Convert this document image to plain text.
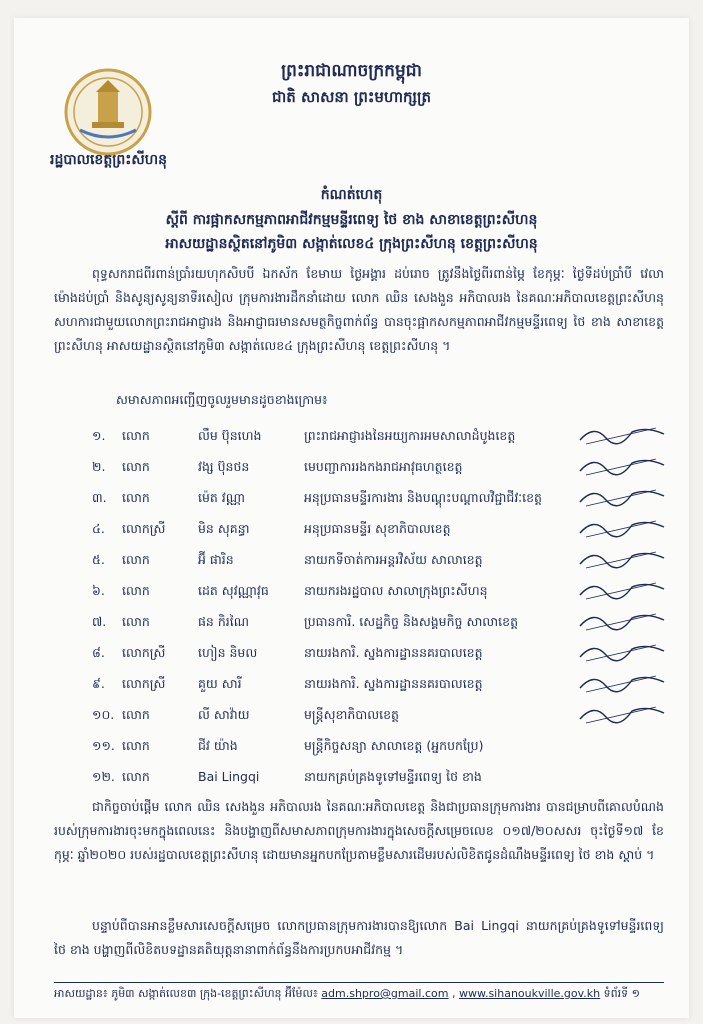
ព្រះរាជាណាចក្រកម្ពុជា
ជាតិ សាសនា ព្រះមហាក្សត្រ
រដ្ឋបាលខេត្តព្រះសីហនុ
កំណត់ហេតុ
ស្តីពី ការផ្អាកសកម្មភាពអាជីវកម្មមន្ទីរពេទ្យ ថៃ ខាង សាខាខេត្តព្រះសីហនុ
អាសយដ្ឋានស្ថិតនៅភូមិ៣ សង្កាត់លេខ៤ ក្រុងព្រះសីហនុ ខេត្តព្រះសីហនុ
ពុទ្ធសករាជពីរពាន់ប្រាំរយហុកសិបបី ឯកស័ក ខែមាឃ ថ្ងៃអង្គារ ដប់រោច ត្រូវនឹងថ្ងៃពីរពាន់ម្ភៃ ខែកុម្ភៈ ថ្ងៃទីដប់ប្រាំបី វេលាម៉ោងដប់ប្រាំ និងសូន្យសូន្យនាទីរសៀល ក្រុមការងារដឹកនាំដោយ លោក ឈិន សេងងួន អភិបាលរង នៃគណៈអភិបាលខេត្តព្រះសីហនុ សហការជាមួយលោកព្រះរាជអាជ្ញារង និងអាជ្ញាធរមានសមត្ថកិច្ចពាក់ព័ន្ធ បានចុះផ្អាកសកម្មភាពអាជីវកម្មមន្ទីរពេទ្យ ថៃ ខាង សាខាខេត្តព្រះសីហនុ អាសយដ្ឋានស្ថិតនៅភូមិ៣ សង្កាត់លេខ៤ ក្រុងព្រះសីហនុ ខេត្តព្រះសីហនុ ។
សមាសភាពអញ្ជើញចូលរួមមានដូចខាងក្រោម៖
១.	លោក	លឹម ប៊ុនហេង	ព្រះរាជអាជ្ញារងនៃអយ្យការអមសាលាដំបូងខេត្ត
២.	លោក	វង្ស ប៊ុនថន	មេបញ្ជាការរងកងរាជអាវុធហត្ថខេត្ត
៣.	លោក	ម៉េត វណ្ណា	អនុប្រធានមន្ទីរការងារ និងបណ្តុះបណ្តាលវិជ្ជាជីវៈខេត្ត
៤.	លោកស្រី	មិន សុគន្ធា	អនុប្រធានមន្ទីរ សុខាភិបាលខេត្ត
៥.	លោក	អ៊ី ផារិន	នាយកទីចាត់ការអន្តរវិស័យ សាលាខេត្ត
៦.	លោក	ដេត សុវណ្ណាវុធ	នាយករងរដ្ឋបាល សាលាក្រុងព្រះសីហនុ
៧.	លោក	ផន កិរណៃ	ប្រធានការិ. សេដ្ឋកិច្ច និងសង្គមកិច្ច សាលាខេត្ត
៨.	លោកស្រី	ហៀន និមល	នាយរងការិ. ស្នងការដ្ឋាននគរបាលខេត្ត
៩.	លោកស្រី	គួយ សារី	នាយរងការិ. ស្នងការដ្ឋាននគរបាលខេត្ត
១០. លោក	លី សាវ៉ាយ	មន្ត្រីសុខាភិបាលខេត្ត
១១. លោក	ជីវ យ៉ាង	មន្ត្រីកិច្ចសន្យា សាលាខេត្ត (អ្នកបកប្រែ)
១២. លោក	Bai Lingqi	នាយកគ្រប់គ្រងទូទៅមន្ទីរពេទ្យ ថៃ ខាង
ជាកិច្ចចាប់ផ្តើម លោក ឈិន សេងងួន អភិបាលរង នៃគណៈអភិបាលខេត្ត និងជាប្រធានក្រុមការងារ បានជម្រាបពីគោលបំណងរបស់ក្រុមការងារចុះមកក្នុងពេលនេះ និងបង្ហាញពីសមាសភាពក្រុមការងារក្នុងសេចក្តីសម្រេចលេខ ០១៧/២០សសរ ចុះថ្ងៃទី១៧ ខែកុម្ភៈ ឆ្នាំ២០២០ របស់រដ្ឋបាលខេត្តព្រះសីហនុ ដោយមានអ្នកបកប្រែតាមខ្លឹមសារដើមរបស់លិខិតជូនដំណឹងមន្ទីរពេទ្យ ថៃ ខាង ស្តាប់ ។
បន្ទាប់ពីបានអានខ្លឹមសារសេចក្តីសម្រេច លោកប្រធានក្រុមការងារបានឱ្យលោក Bai Lingqi នាយកគ្រប់គ្រងទូទៅមន្ទីរពេទ្យ ថៃ ខាង បង្ហាញពីលិខិតបទដ្ឋានគតិយុត្តនានាពាក់ព័ន្ធនឹងការប្រកបអាជីវកម្ម ។
អាសយដ្ឋាន៖ ភូមិ៣ សង្កាត់លេខ៣ ក្រុង-ខេត្តព្រះសីហនុ អ៊ីម៉ែល៖ adm.shpro@gmail.com , www.sihanoukville.gov.kh ទំព័រទី ១
